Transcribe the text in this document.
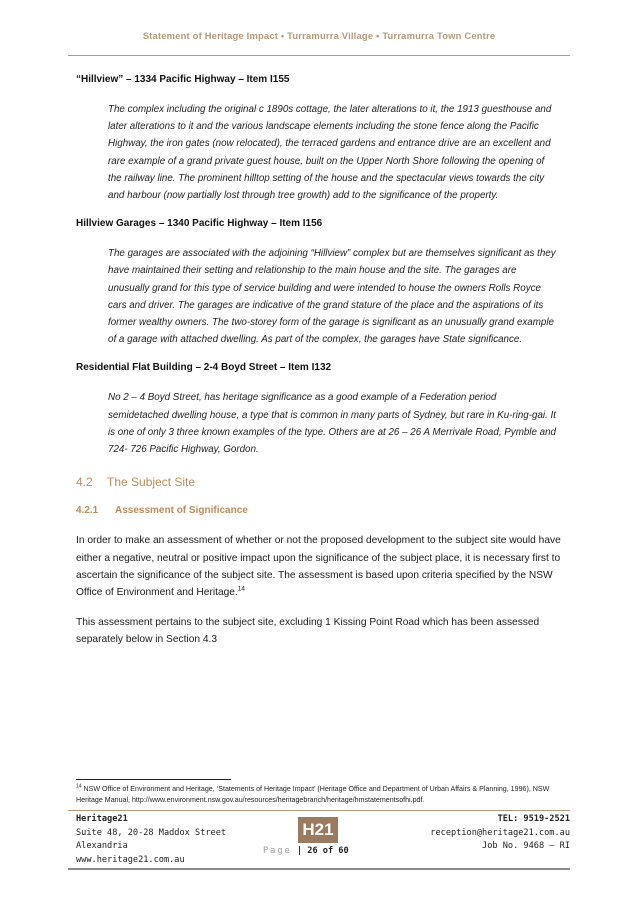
Statement of Heritage Impact • Turramurra Village • Turramurra Town Centre

“Hillview” – 1334 Pacific Highway – Item I155

The complex including the original c 1890s cottage, the later alterations to it, the 1913 guesthouse and later alterations to it and the various landscape elements including the stone fence along the Pacific Highway, the iron gates (now relocated), the terraced gardens and entrance drive are an excellent and rare example of a grand private guest house, built on the Upper North Shore following the opening of the railway line. The prominent hilltop setting of the house and the spectacular views towards the city and harbour (now partially lost through tree growth) add to the significance of the property.

Hillview Garages – 1340 Pacific Highway – Item I156

The garages are associated with the adjoining “Hillview” complex but are themselves significant as they have maintained their setting and relationship to the main house and the site. The garages are unusually grand for this type of service building and were intended to house the owners Rolls Royce cars and driver. The garages are indicative of the grand stature of the place and the aspirations of its former wealthy owners. The two-storey form of the garage is significant as an unusually grand example of a garage with attached dwelling. As part of the complex, the garages have State significance.

Residential Flat Building – 2-4 Boyd Street – Item I132

No 2 – 4 Boyd Street, has heritage significance as a good example of a Federation period semidetached dwelling house, a type that is common in many parts of Sydney, but rare in Ku-ring-gai. It is one of only 3 three known examples of the type. Others are at 26 – 26 A Merrivale Road, Pymble and 724- 726 Pacific Highway, Gordon.

4.2 The Subject Site

4.2.1 Assessment of Significance

In order to make an assessment of whether or not the proposed development to the subject site would have either a negative, neutral or positive impact upon the significance of the subject place, it is necessary first to ascertain the significance of the subject site. The assessment is based upon criteria specified by the NSW Office of Environment and Heritage.$^{14}$

This assessment pertains to the subject site, excluding 1 Kissing Point Road which has been assessed separately below in Section 4.3

$^{14}$ NSW Office of Environment and Heritage, ‘Statements of Heritage Impact’ (Heritage Office and Department of Urban Affairs & Planning, 1996), NSW Heritage Manual, http://www.environment.nsw.gov.au/resources/heritagebranch/heritage/hmstatementsofhi.pdf.
Heritage21
Suite 48, 20-28 Maddox Street
Alexandria
www.heritage21.com.au
H21
Page | 26 of 60
TEL: 9519-2521
reception@heritage21.com.au
Job No. 9468 – RI
